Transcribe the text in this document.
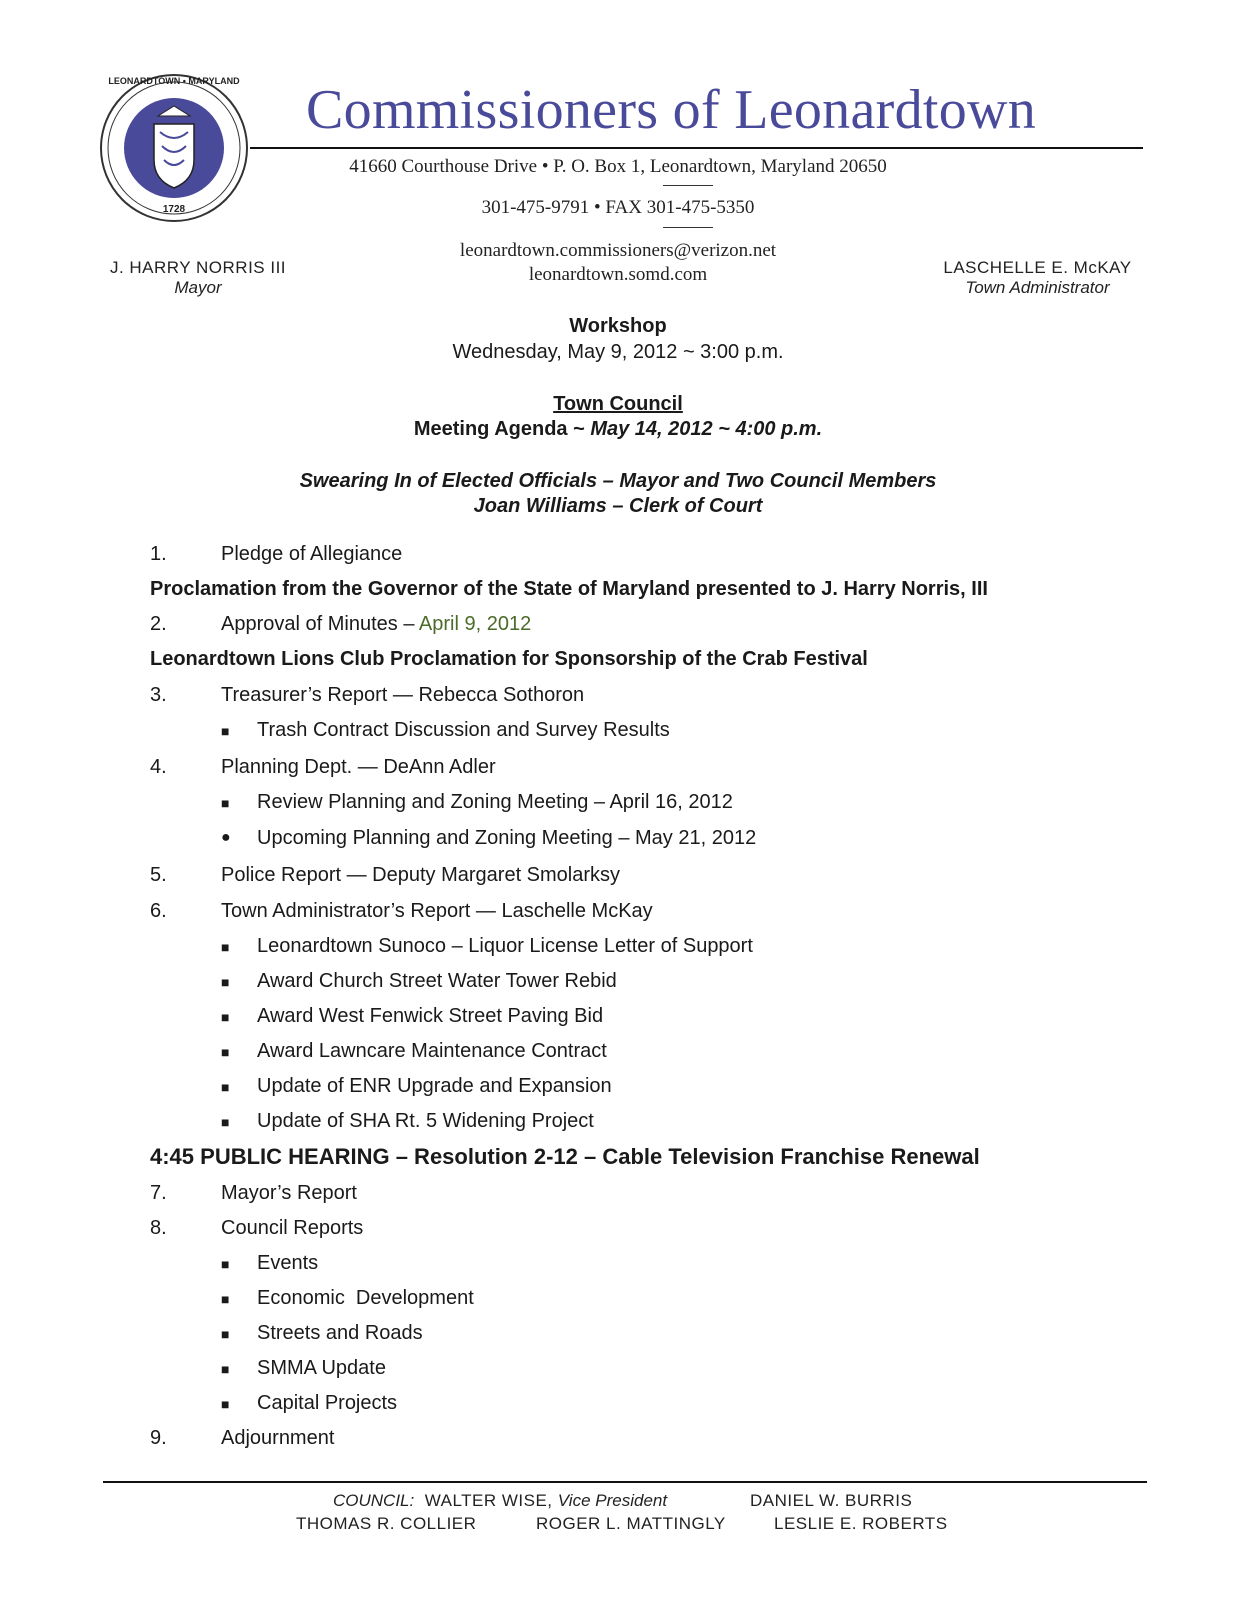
LEONARDTOWN • MARYLAND
1728
Commissioners of Leonardtown
41660 Courthouse Drive • P. O. Box 1, Leonardtown, Maryland 20650
301-475-9791 • FAX 301-475-5350
leonardtown.commissioners@verizon.net
leonardtown.somd.com
J. HARRY NORRIS III
Mayor
LASCHELLE E. McKAY
Town Administrator
Workshop
Wednesday, May 9, 2012 ~ 3:00 p.m.
Town Council
Meeting Agenda ~ May 14, 2012 ~ 4:00 p.m.
Swearing In of Elected Officials – Mayor and Two Council Members
Joan Williams – Clerk of Court
1.	Pledge of Allegiance
Proclamation from the Governor of the State of Maryland presented to J. Harry Norris, III
2.	Approval of Minutes – April 9, 2012
Leonardtown Lions Club Proclamation for Sponsorship of the Crab Festival
3.	Treasurer’s Report — Rebecca Sothoron
■ Trash Contract Discussion and Survey Results
4.	Planning Dept. — DeAnn Adler
■ Review Planning and Zoning Meeting – April 16, 2012
● Upcoming Planning and Zoning Meeting – May 21, 2012
5.	Police Report — Deputy Margaret Smolarksy
6.	Town Administrator’s Report — Laschelle McKay
■ Leonardtown Sunoco – Liquor License Letter of Support
■ Award Church Street Water Tower Rebid
■ Award West Fenwick Street Paving Bid
■ Award Lawncare Maintenance Contract
■ Update of ENR Upgrade and Expansion
■ Update of SHA Rt. 5 Widening Project
4:45 PUBLIC HEARING – Resolution 2-12 – Cable Television Franchise Renewal
7.	Mayor’s Report
8.	Council Reports
■ Events
■ Economic  Development
■ Streets and Roads
■ SMMA Update
■ Capital Projects
9.	Adjournment
COUNCIL: WALTER WISE, Vice President	DANIEL W. BURRIS
THOMAS R. COLLIER	ROGER L. MATTINGLY	LESLIE E. ROBERTS
